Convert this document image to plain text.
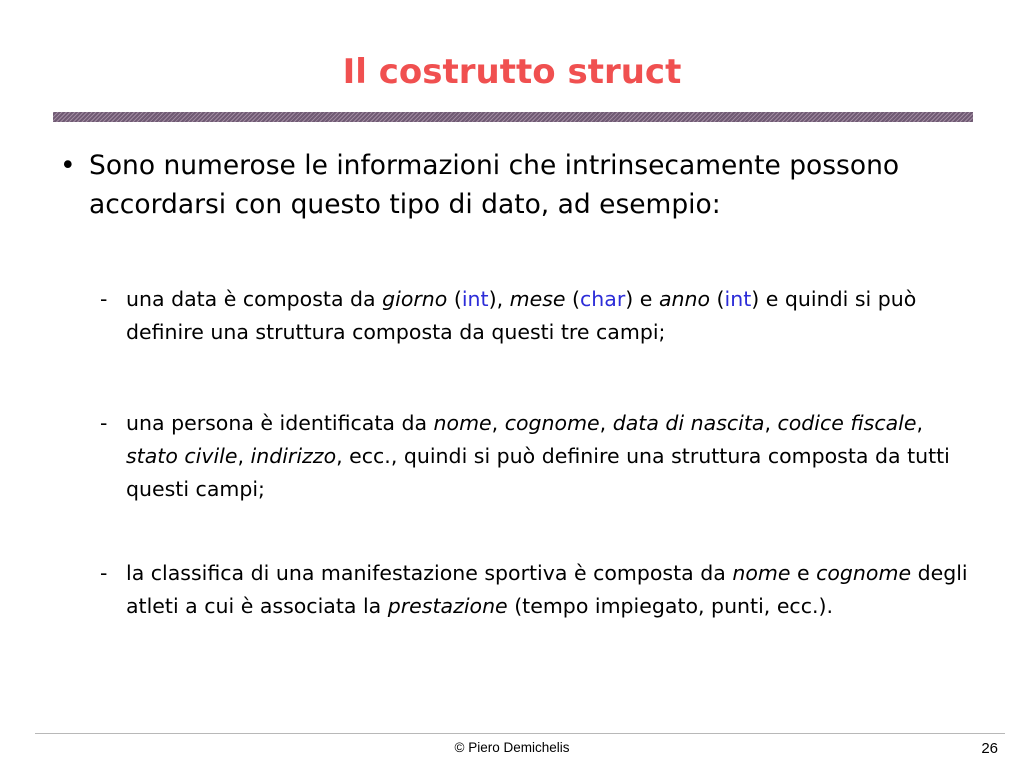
Il costrutto struct
• Sono numerose le informazioni che intrinsecamente possono accordarsi con questo tipo di dato, ad esempio:
- una data è composta da giorno (int), mese (char) e anno (int) e quindi si può definire una struttura composta da questi tre campi;
- una persona è identificata da nome, cognome, data di nascita, codice fiscale, stato civile, indirizzo, ecc., quindi si può definire una struttura composta da tutti questi campi;
- la classifica di una manifestazione sportiva è composta da nome e cognome degli atleti a cui è associata la prestazione (tempo impiegato, punti, ecc.).
© Piero Demichelis	26
